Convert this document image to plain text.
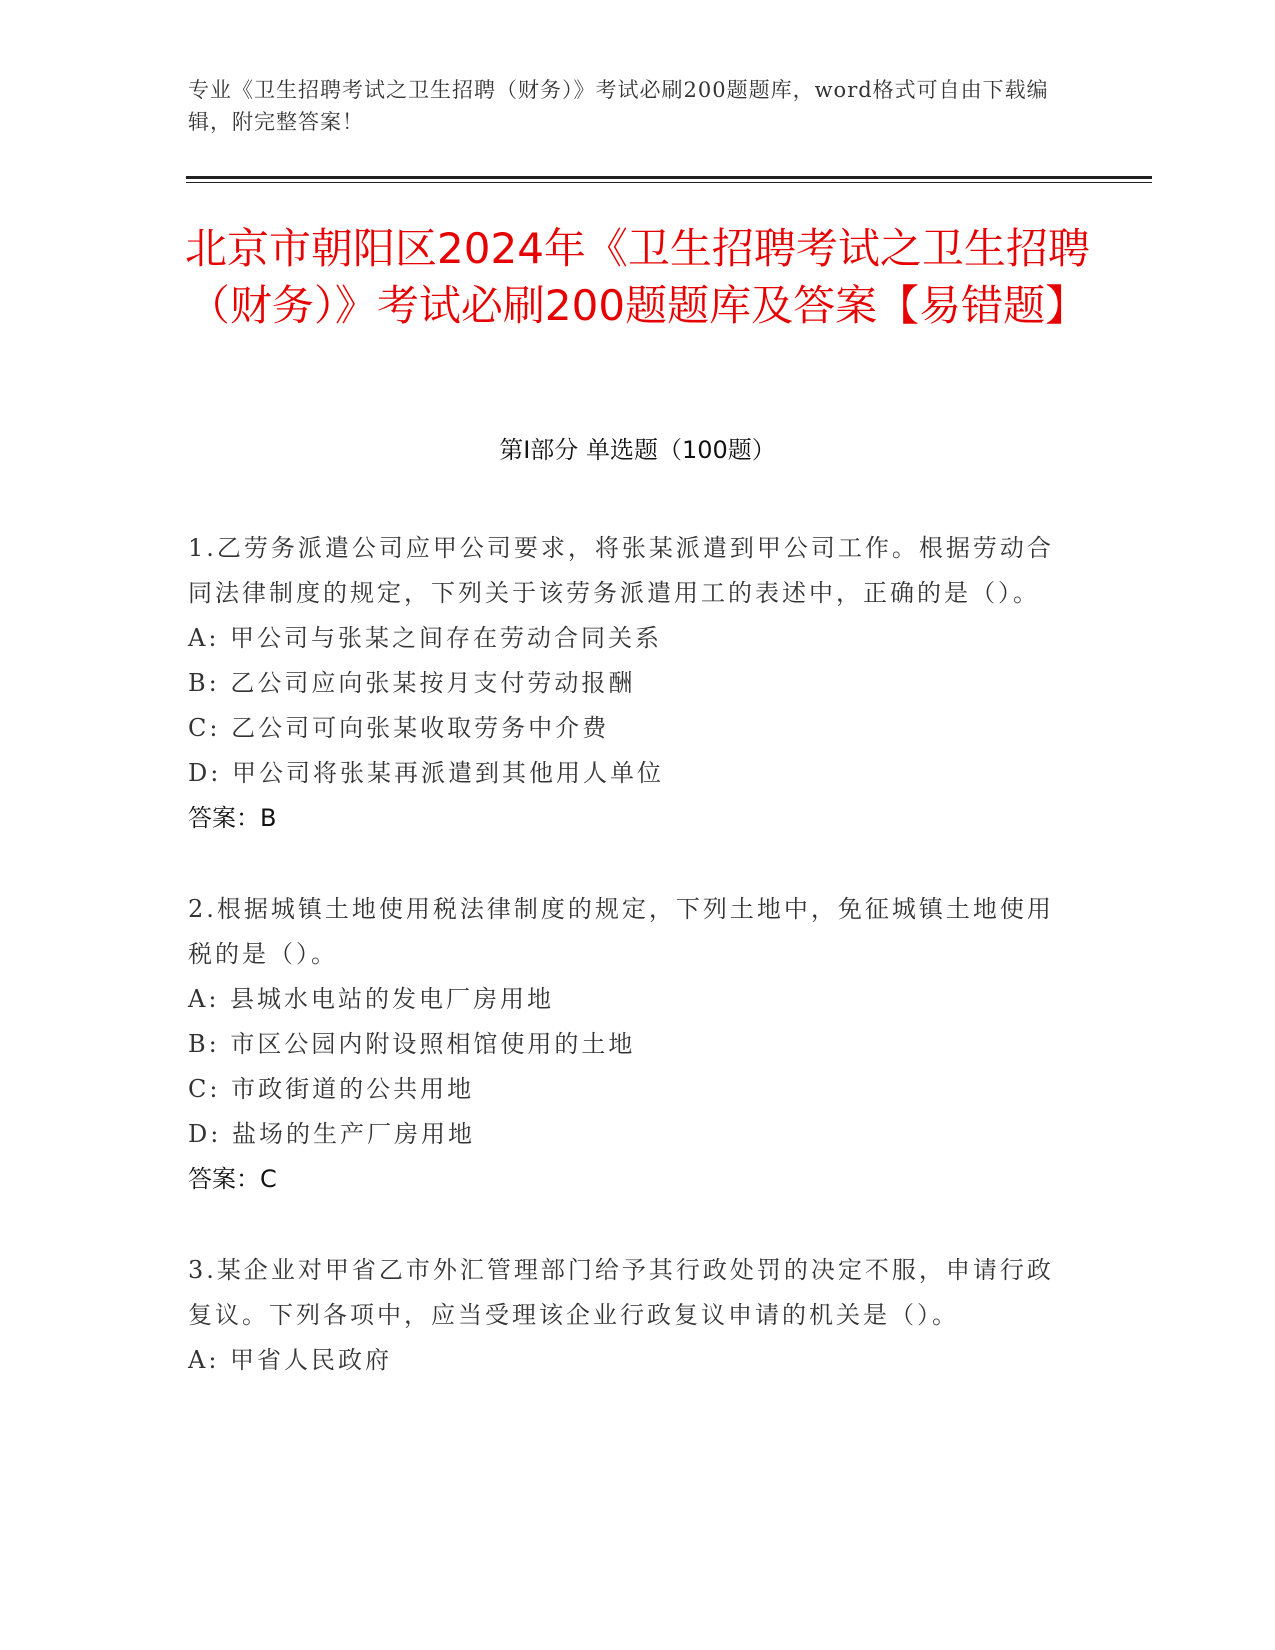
专业《卫生招聘考试之卫生招聘（财务）》考试必刷200题题库，word格式可自由下载编辑，附完整答案！
北京市朝阳区2024年《卫生招聘考试之卫生招聘（财务）》考试必刷200题题库及答案【易错题】
第Ⅰ部分 单选题（100题）
1.乙劳务派遣公司应甲公司要求，将张某派遣到甲公司工作。根据劳动合同法律制度的规定，下列关于该劳务派遣用工的表述中，正确的是（）。
A: 甲公司与张某之间存在劳动合同关系
B: 乙公司应向张某按月支付劳动报酬
C: 乙公司可向张某收取劳务中介费
D: 甲公司将张某再派遣到其他用人单位
答案：B
2.根据城镇土地使用税法律制度的规定，下列土地中，免征城镇土地使用税的是（）。
A: 县城水电站的发电厂房用地
B: 市区公园内附设照相馆使用的土地
C: 市政街道的公共用地
D: 盐场的生产厂房用地
答案：C
3.某企业对甲省乙市外汇管理部门给予其行政处罚的决定不服，申请行政复议。下列各项中，应当受理该企业行政复议申请的机关是（）。
A: 甲省人民政府
